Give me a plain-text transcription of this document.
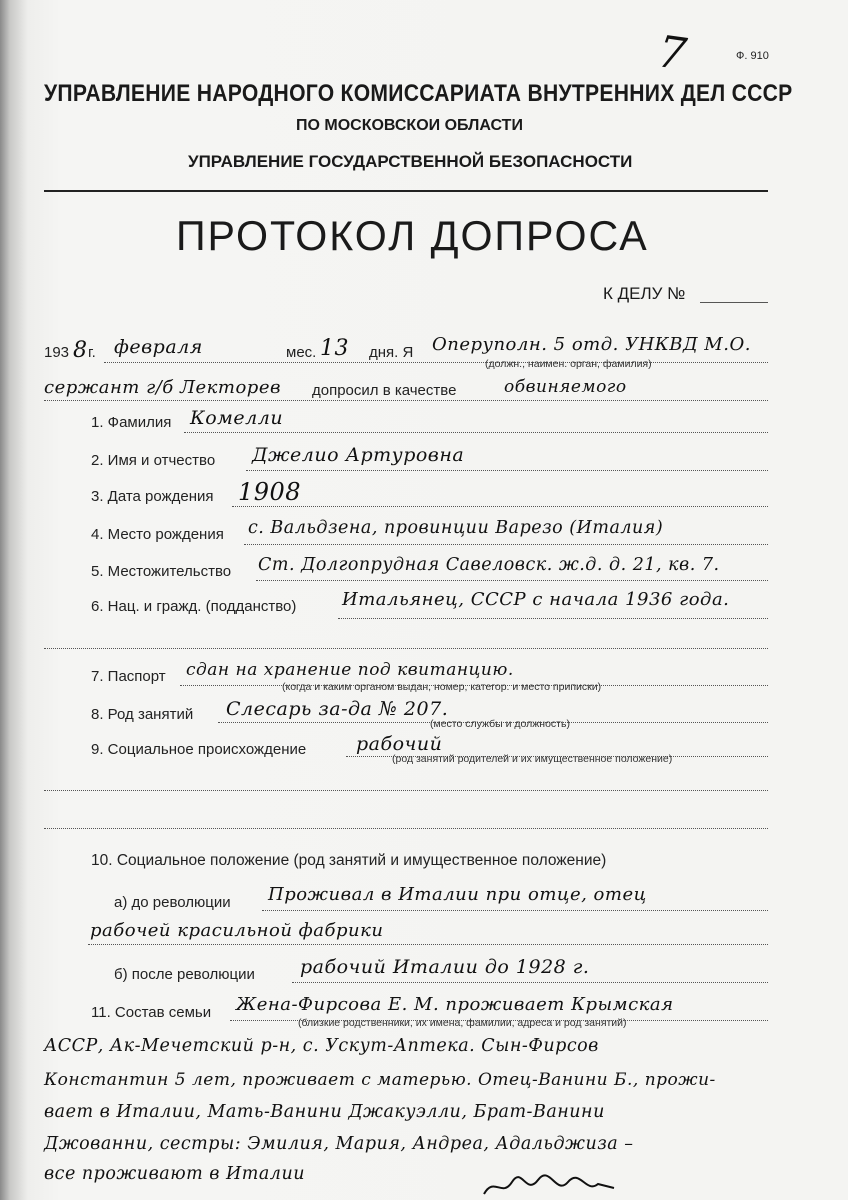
Ф. 910
7
УПРАВЛЕНИЕ НАРОДНОГО КОМИССАРИАТА ВНУТРЕННИХ ДЕЛ СССР
ПО МОСКОВСКОИ ОБЛАСТИ
УПРАВЛЕНИЕ ГОСУДАРСТВЕННОЙ БЕЗОПАСНОСТИ
ПРОТОКОЛ ДОПРОСА
К ДЕЛУ №
193 8 г. февраля	мес. 13 дня. Я Оперуполн. 5 отд. УНКВД М.О.
(должн., наимен. орган, фамилия)
сержант г/б Лекторев допросил в качестве	обвиняемого
1. Фамилия Комелли
2. Имя и отчество Джелио Артуровна
3. Дата рождения 1908
4. Место рождения с. Вальдзена, провинции Варезо (Италия)
5. Местожительство Ст. Долгопрудная Савеловск. ж.д. д. 21, кв. 7.
6. Нац. и гражд. (подданство)	Итальянец, СССР с начала 1936 года.
7. Паспорт сдан на хранение под квитанцию.
(когда и каким органом выдан, номер, категор. и место приписки)
8. Род занятий Слесарь за-да № 207.
(место службы и должность)
9. Социальное происхождение	рабочий
(род занятий родителей и их имущественное положение)
10. Социальное положение (род занятий и имущественное положение)
а) до революции Проживал в Италии при отце, отец
рабочей красильной фабрики
б) после революции рабочий Италии до 1928 г.
11. Состав семьи Жена-Фирсова Е. М. проживает Крымская
(близкие родственники, их имена, фамилии, адреса и род занятий)
АССР, Ак-Мечетский р-н, с. Ускут-Аптека. Сын-Фирсов
Константин 5 лет, проживает с матерью. Отец-Ванини Б., прожи-
вает в Италии, Мать-Ванини Джакуэлли, Брат-Ванини
Джованни, сестры: Эмилия, Мария, Андреа, Адальджиза –
все проживают в Италии
